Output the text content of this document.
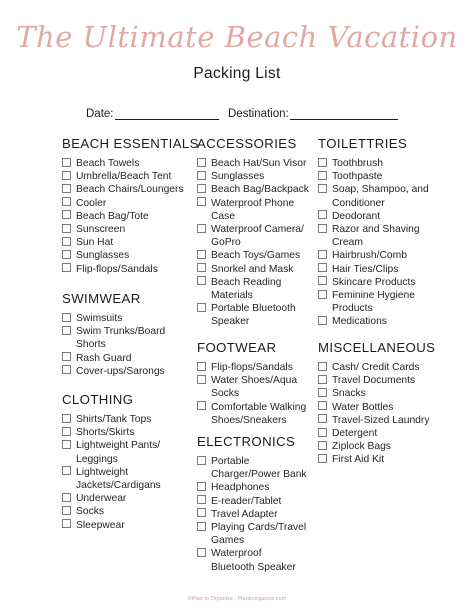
The Ultimate Beach Vacation
Packing List
Date:	Destination:
BEACH ESSENTIALS
Beach Towels
Umbrella/Beach Tent
Beach Chairs/Loungers
Cooler
Beach Bag/Tote
Sunscreen
Sun Hat
Sunglasses
Flip-flops/Sandals
SWIMWEAR
Swimsuits
Swim Trunks/Board
Shorts
Rash Guard
Cover-ups/Sarongs
CLOTHING
Shirts/Tank Tops
Shorts/Skirts
Lightweight Pants/
Leggings
Lightweight
Jackets/Cardigans
Underwear
Socks
Sleepwear
ACCESSORIES
Beach Hat/Sun Visor
Sunglasses
Beach Bag/Backpack
Waterproof Phone
Case
Waterproof Camera/
GoPro
Beach Toys/Games
Snorkel and Mask
Beach Reading
Materials
Portable Bluetooth
Speaker
FOOTWEAR
Flip-flops/Sandals
Water Shoes/Aqua
Socks
Comfortable Walking
Shoes/Sneakers
ELECTRONICS
Portable
Charger/Power Bank
Headphones
E-reader/Tablet
Travel Adapter
Playing Cards/Travel
Games
Waterproof
Bluetooth Speaker
TOILETTRIES
Toothbrush
Toothpaste
Soap, Shampoo, and
Conditioner
Deodorant
Razor and Shaving
Cream
Hairbrush/Comb
Hair Ties/Clips
Skincare Products
Feminine Hygiene
Products
Medications
MISCELLANEOUS
Cash/ Credit Cards
Travel Documents
Snacks
Water Bottles
Travel-Sized Laundry
Detergent
Ziplock Bags
First Aid Kit
©Plan to Organize - Plantoorganize.com
